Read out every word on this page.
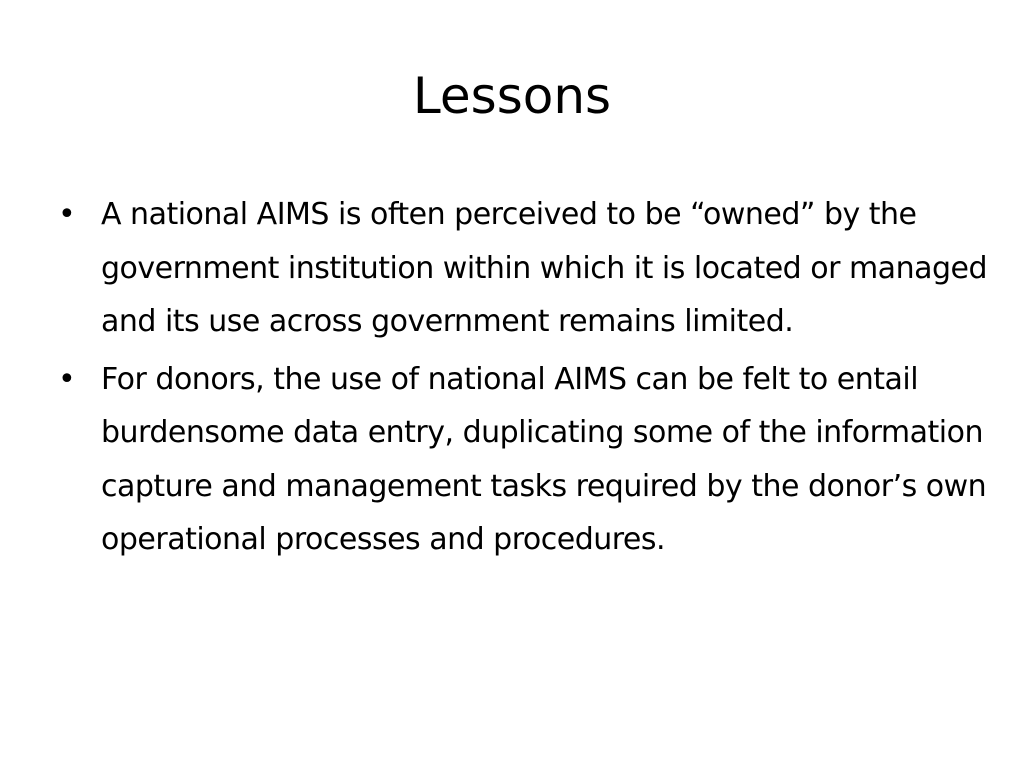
Lessons
• A national AIMS is often perceived to be “owned” by the government institution within which it is located or managed and its use across government remains limited.
• For donors, the use of national AIMS can be felt to entail burdensome data entry, duplicating some of the information capture and management tasks required by the donor’s own operational processes and procedures.
